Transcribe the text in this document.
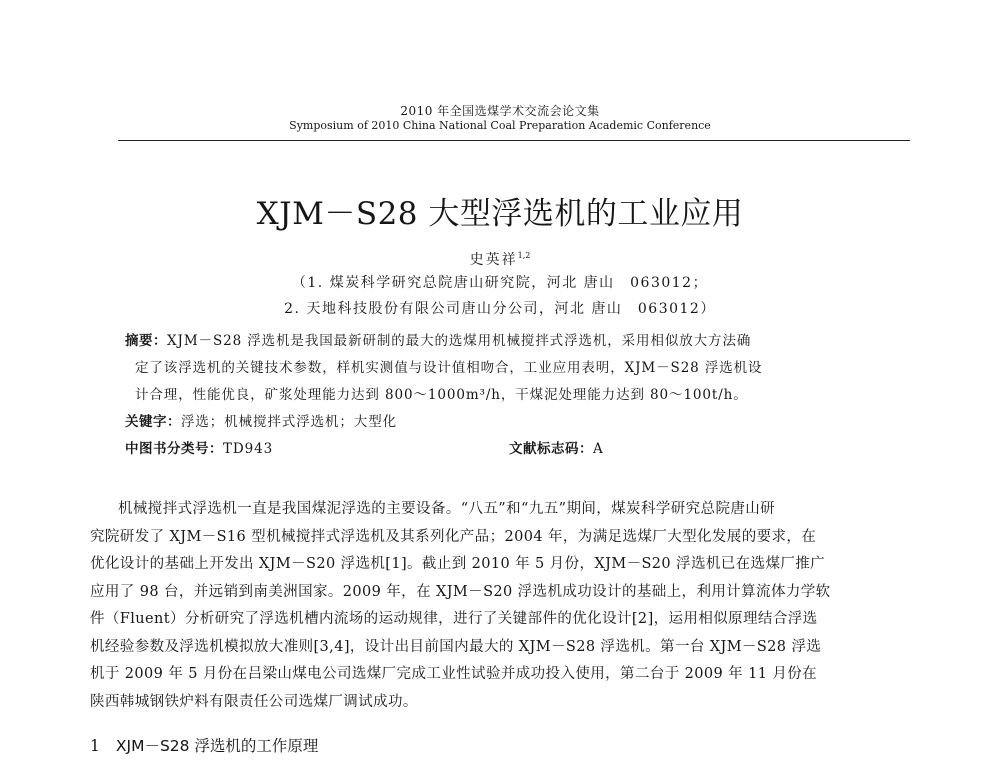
2010 年全国选煤学术交流会论文集
Symposium of 2010 China National Coal Preparation Academic Conference
XJM－S28 大型浮选机的工业应用
史英祥$^{1,2}$
（1. 煤炭科学研究总院唐山研究院，河北 唐山　063012；
2. 天地科技股份有限公司唐山分公司，河北 唐山　063012）
摘要：XJM－S28 浮选机是我国最新研制的最大的选煤用机械搅拌式浮选机，采用相似放大方法确
定了该浮选机的关键技术参数，样机实测值与设计值相吻合，工业应用表明，XJM－S28 浮选机设
计合理，性能优良，矿浆处理能力达到 800～1000m³/h，干煤泥处理能力达到 80～100t/h。
关键字：浮选；机械搅拌式浮选机；大型化
中图书分类号：TD943	文献标志码：A
机械搅拌式浮选机一直是我国煤泥浮选的主要设备。“八五”和“九五”期间，煤炭科学研究总院唐山研
究院研发了 XJM－S16 型机械搅拌式浮选机及其系列化产品；2004 年，为满足选煤厂大型化发展的要求，在
优化设计的基础上开发出 XJM－S20 浮选机[1]。截止到 2010 年 5 月份，XJM－S20 浮选机已在选煤厂推广
应用了 98 台，并远销到南美洲国家。2009 年，在 XJM－S20 浮选机成功设计的基础上，利用计算流体力学软
件（Fluent）分析研究了浮选机槽内流场的运动规律，进行了关键部件的优化设计[2]，运用相似原理结合浮选
机经验参数及浮选机模拟放大准则[3,4]，设计出目前国内最大的 XJM－S28 浮选机。第一台 XJM－S28 浮选
机于 2009 年 5 月份在吕梁山煤电公司选煤厂完成工业性试验并成功投入使用，第二台于 2009 年 11 月份在
陕西韩城钢铁炉料有限责任公司选煤厂调试成功。
1 XJM－S28 浮选机的工作原理
